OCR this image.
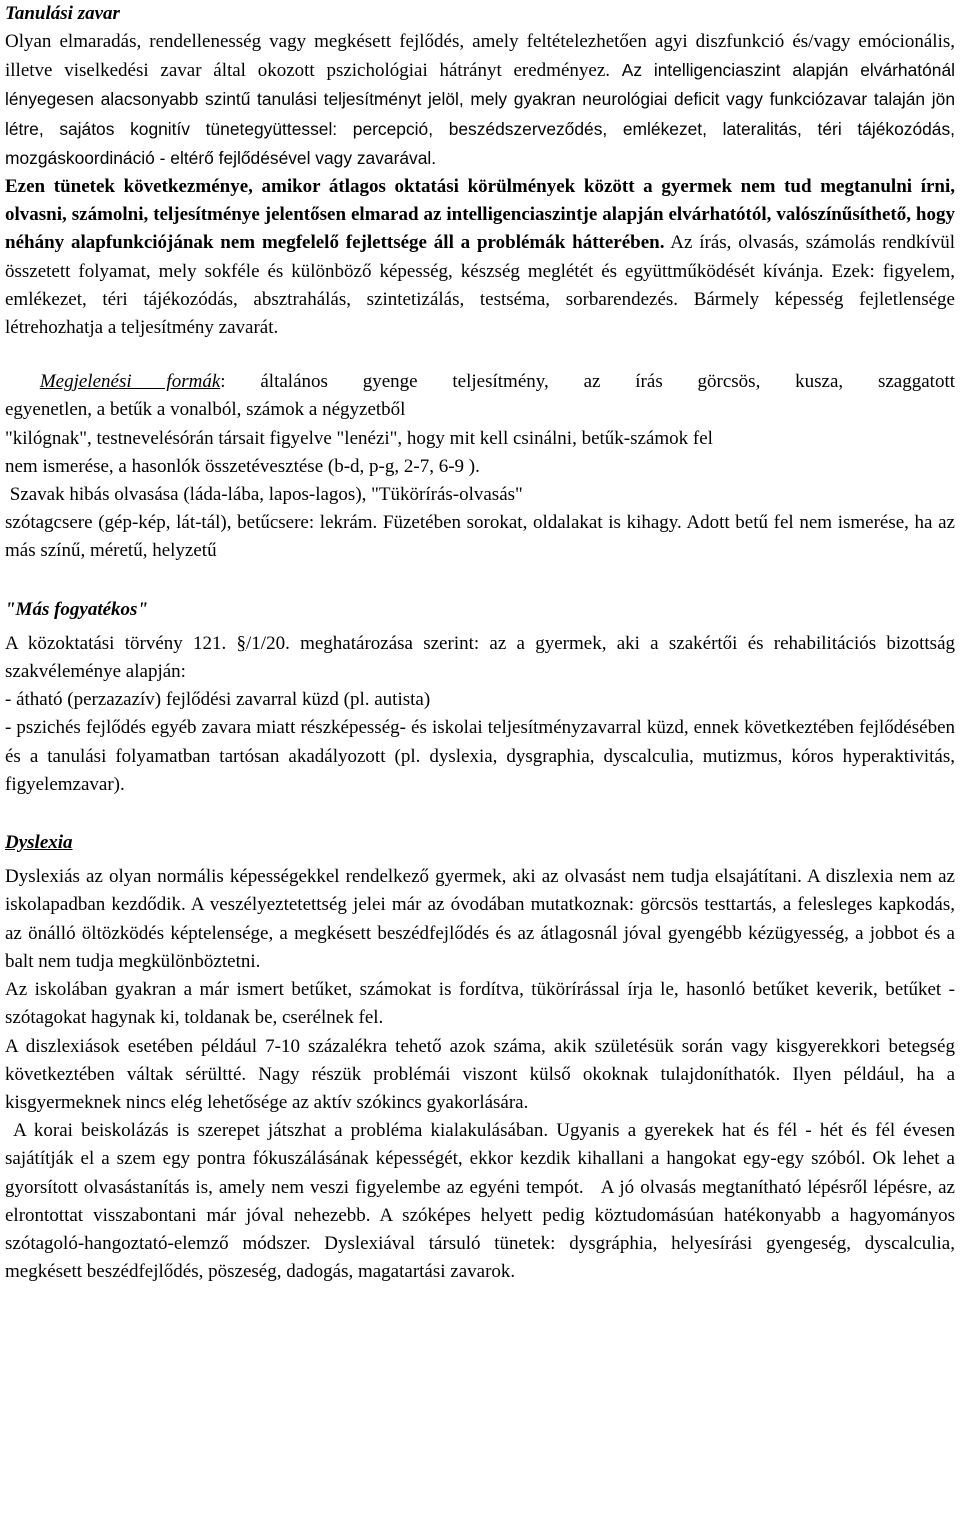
Tanulási zavar

Olyan elmaradás, rendellenesség vagy megkésett fejlődés, amely feltételezhetően agyi diszfunkció és/vagy emócionális, illetve viselkedési zavar által okozott pszichológiai hátrányt eredményez. Az intelligenciaszint alapján elvárhatónál lényegesen alacsonyabb szintű tanulási teljesítményt jelöl, mely gyakran neurológiai deficit vagy funkciózavar talaján jön létre, sajátos kognitív tünetegyüttessel: percepció, beszédszerveződés, emlékezet, lateralitás, téri tájékozódás, mozgáskoordináció - eltérő fejlődésével vagy zavarával.

Ezen tünetek következménye, amikor átlagos oktatási körülmények között a gyermek nem tud megtanulni írni, olvasni, számolni, teljesítménye jelentősen elmarad az intelligenciaszintje alapján elvárhatótól, valószínűsíthető, hogy néhány alapfunkciójának nem megfelelő fejlettsége áll a problémák hátterében. Az írás, olvasás, számolás rendkívül összetett folyamat, mely sokféle és különböző képesség, készség meglétét és együttműködését kívánja. Ezek: figyelem, emlékezet, téri tájékozódás, absztrahálás, szintetizálás, testséma, sorbarendezés. Bármely képesség fejletlensége létrehozhatja a teljesítmény zavarát.

Megjelenési formák: általános gyenge teljesítmény, az írás görcsös, kusza, szaggatott

egyenetlen, a betűk a vonalból, számok a négyzetből

"kilógnak", testnevelésórán társait figyelve "lenézi", hogy mit kell csinálni, betűk-számok fel

nem ismerése, a hasonlók összetévesztése (b-d, p-g, 2-7, 6-9 ).

Szavak hibás olvasása (láda-lába, lapos-lagos), "Tükörírás-olvasás"

szótagcsere (gép-kép, lát-tál), betűcsere: lekrám. Füzetében sorokat, oldalakat is kihagy. Adott betű fel nem ismerése, ha az más színű, méretű, helyzetű

"Más fogyatékos"

A közoktatási törvény 121. §/1/20. meghatározása szerint: az a gyermek, aki a szakértői és rehabilitációs bizottság szakvéleménye alapján:

- átható (perzazazív) fejlődési zavarral küzd (pl. autista)

- pszichés fejlődés egyéb zavara miatt részképesség- és iskolai teljesítményzavarral küzd, ennek következtében fejlődésében és a tanulási folyamatban tartósan akadályozott (pl. dyslexia, dysgraphia, dyscalculia, mutizmus, kóros hyperaktivitás, figyelemzavar).

Dyslexia

Dyslexiás az olyan normális képességekkel rendelkező gyermek, aki az olvasást nem tudja elsajátítani. A diszlexia nem az iskolapadban kezdődik. A veszélyeztetettség jelei már az óvodában mutatkoznak: görcsös testtartás, a felesleges kapkodás, az önálló öltözködés képtelensége, a megkésett beszédfejlődés és az átlagosnál jóval gyengébb kézügyesség, a jobbot és a balt nem tudja megkülönböztetni.

Az iskolában gyakran a már ismert betűket, számokat is fordítva, tükörírással írja le, hasonló betűket keverik, betűket - szótagokat hagynak ki, toldanak be, cserélnek fel.

A diszlexiások esetében például 7-10 százalékra tehető azok száma, akik születésük során vagy kisgyerekkori betegség következtében váltak sérültté. Nagy részük problémái viszont külső okoknak tulajdoníthatók. Ilyen például, ha a kisgyermeknek nincs elég lehetősége az aktív szókincs gyakorlására.

A korai beiskolázás is szerepet játszhat a probléma kialakulásában. Ugyanis a gyerekek hat és fél - hét és fél évesen sajátítják el a szem egy pontra fókuszálásának képességét, ekkor kezdik kihallani a hangokat egy-egy szóból. Ok lehet a gyorsított olvasástanítás is, amely nem veszi figyelembe az egyéni tempót.   A jó olvasás megtanítható lépésről lépésre, az elrontottat visszabontani már jóval nehezebb. A szóképes helyett pedig köztudomásúan hatékonyabb a hagyományos szótagoló-hangoztató-elemző módszer. Dyslexiával társuló tünetek: dysgráphia, helyesírási gyengeség, dyscalculia, megkésett beszédfejlődés, pöszeség, dadogás, magatartási zavarok.
